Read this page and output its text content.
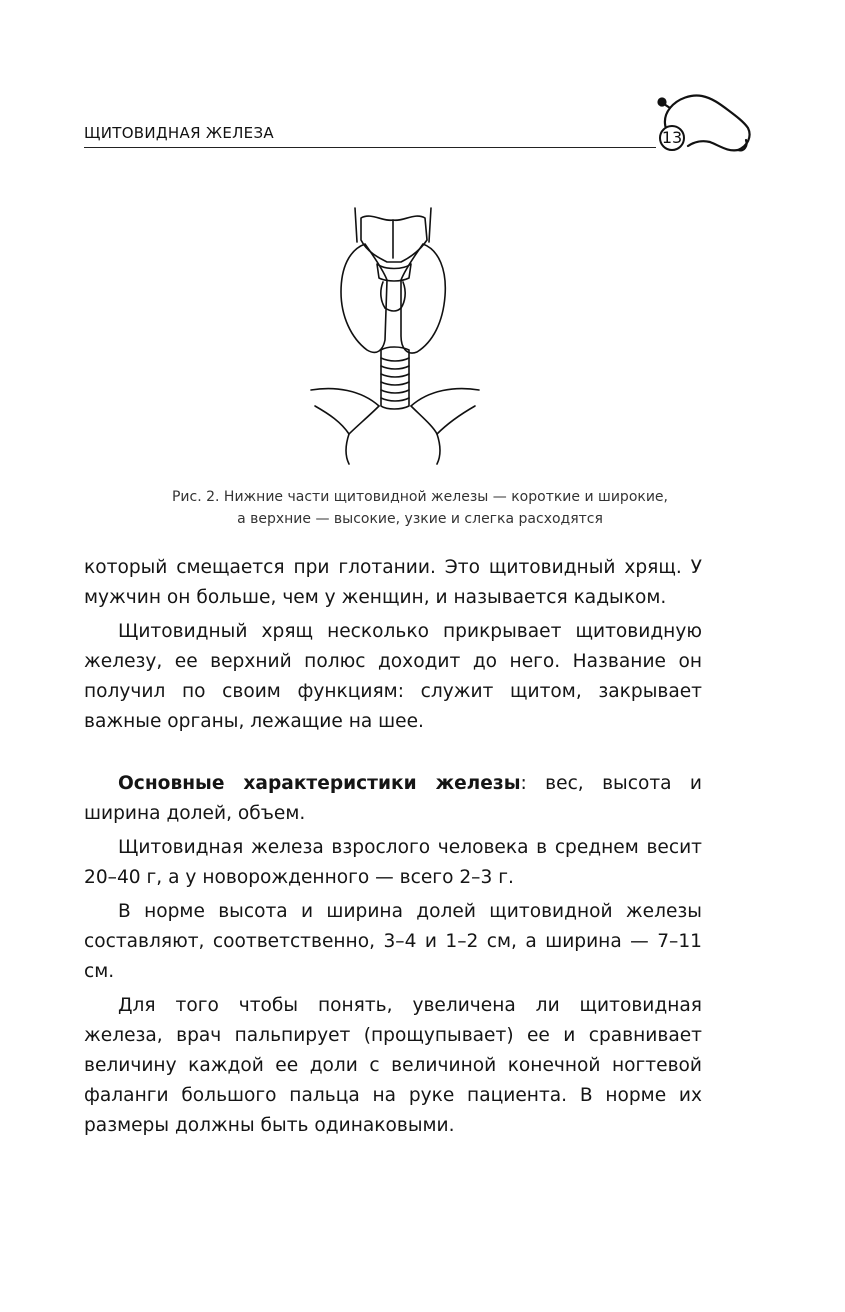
ЩИТОВИДНАЯ ЖЕЛЕЗА	13
Рис. 2. Нижние части щитовидной железы — короткие и широкие,
а верхние — высокие, узкие и слегка расходятся

который смещается при глотании. Это щитовидный хрящ. У мужчин он больше, чем у женщин, и называется кадыком.

Щитовидный хрящ несколько прикрывает щитовидную железу, ее верхний полюс доходит до него. Название он получил по своим функциям: служит щитом, закрывает важные органы, лежащие на шее.

Основные характеристики железы: вес, высота и ширина долей, объем.

Щитовидная железа взрослого человека в среднем весит 20–40 г, а у новорожденного — всего 2–3 г.

В норме высота и ширина долей щитовидной железы составляют, соответственно, 3–4 и 1–2 см, а ширина — 7–11 см.

Для того чтобы понять, увеличена ли щитовидная железа, врач пальпирует (прощупывает) ее и сравнивает величину каждой ее доли с величиной конечной ногтевой фаланги большого пальца на руке пациента. В норме их размеры должны быть одинаковыми.
